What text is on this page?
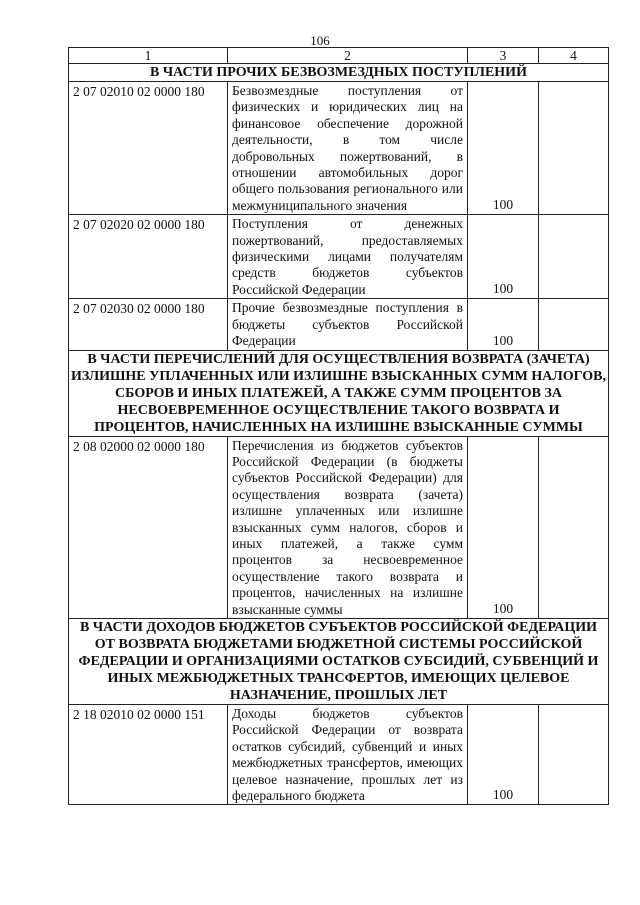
106
1	2	3	4
В ЧАСТИ ПРОЧИХ БЕЗВОЗМЕЗДНЫХ ПОСТУПЛЕНИЙ			
2 07 02010 02 0000 180	Безвозмездные поступления от физических и юридических лиц на финансовое обеспечение дорожной деятельности, в том числе добровольных пожертвований, в отношении автомобильных дорог общего пользования регионального или межмуниципального значения	100	
2 07 02020 02 0000 180	Поступления от денежных пожертвований, предоставляемых физическими лицами получателям средств бюджетов субъектов Российской Федерации	100	
2 07 02030 02 0000 180	Прочие безвозмездные поступления в бюджеты субъектов Российской Федерации	100	
В ЧАСТИ ПЕРЕЧИСЛЕНИЙ ДЛЯ ОСУЩЕСТВЛЕНИЯ ВОЗВРАТА (ЗАЧЕТА) ИЗЛИШНЕ УПЛАЧЕННЫХ ИЛИ ИЗЛИШНЕ ВЗЫСКАННЫХ СУММ НАЛОГОВ, СБОРОВ И ИНЫХ ПЛАТЕЖЕЙ, А ТАКЖЕ СУММ ПРОЦЕНТОВ ЗА НЕСВОЕВРЕМЕННОЕ ОСУЩЕСТВЛЕНИЕ ТАКОГО ВОЗВРАТА И ПРОЦЕНТОВ, НАЧИСЛЕННЫХ НА ИЗЛИШНЕ ВЗЫСКАННЫЕ СУММЫ			
2 08 02000 02 0000 180	Перечисления из бюджетов субъектов Российской Федерации (в бюджеты субъектов Российской Федерации) для осуществления возврата (зачета) излишне уплаченных или излишне взысканных сумм налогов, сборов и иных платежей, а также сумм процентов за несвоевременное осуществление такого возврата и процентов, начисленных на излишне взысканные суммы	100	
В ЧАСТИ ДОХОДОВ БЮДЖЕТОВ СУБЪЕКТОВ РОССИЙСКОЙ ФЕДЕРАЦИИ ОТ ВОЗВРАТА БЮДЖЕТАМИ БЮДЖЕТНОЙ СИСТЕМЫ РОССИЙСКОЙ ФЕДЕРАЦИИ И ОРГАНИЗАЦИЯМИ ОСТАТКОВ СУБСИДИЙ, СУБВЕНЦИЙ И ИНЫХ МЕЖБЮДЖЕТНЫХ ТРАНСФЕРТОВ, ИМЕЮЩИХ ЦЕЛЕВОЕ НАЗНАЧЕНИЕ, ПРОШЛЫХ ЛЕТ			
2 18 02010 02 0000 151	Доходы бюджетов субъектов Российской Федерации от возврата остатков субсидий, субвенций и иных межбюджетных трансфертов, имеющих целевое назначение, прошлых лет из федерального бюджета	100	
